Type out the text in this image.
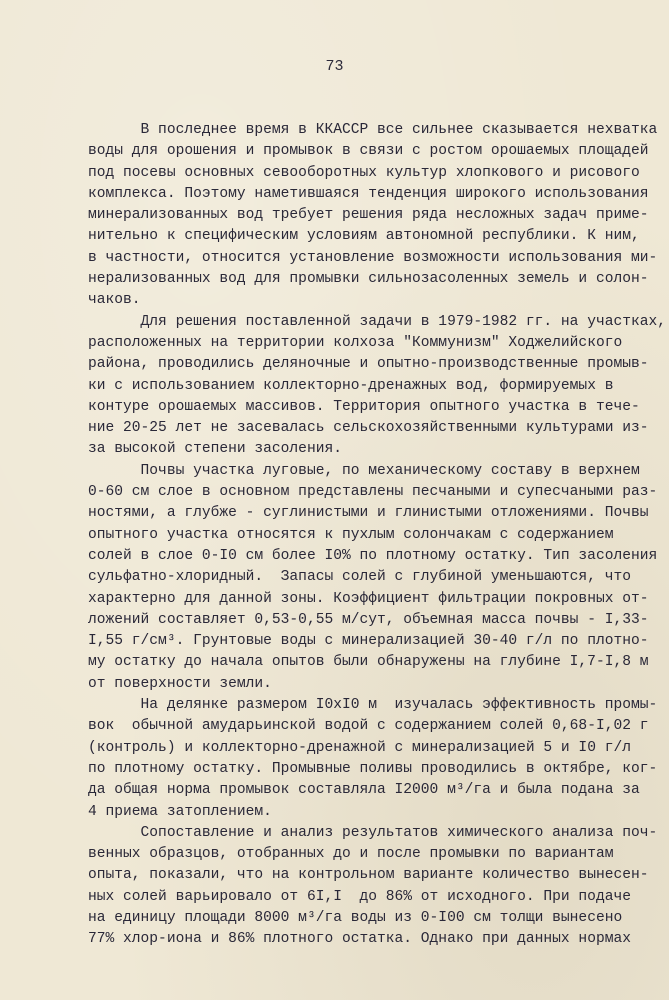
73
В последнее время в ККАССР все сильнее сказывается нехватка
воды для орошения и промывок в связи с ростом орошаемых площадей
под посевы основных севооборотных культур хлопкового и рисового
комплекса. Поэтому наметившаяся тенденция широкого использования
минерализованных вод требует решения ряда несложных задач приме-
нительно к специфическим условиям автономной республики. К ним,
в частности, относится установление возможности использования ми-
нерализованных вод для промывки сильнозасоленных земель и солон-
чаков.
Для решения поставленной задачи в 1979-1982 гг. на участках,
расположенных на территории колхоза "Коммунизм" Ходжелийского
района, проводились деляночные и опытно-производственные промыв-
ки с использованием коллекторно-дренажных вод, формируемых в
контуре орошаемых массивов. Территория опытного участка в тече-
ние 20-25 лет не засевалась сельскохозяйственными культурами из-
за высокой степени засоления.
Почвы участка луговые, по механическому составу в верхнем
0-60 см слое в основном представлены песчаными и супесчаными раз-
ностями, а глубже - суглинистыми и глинистыми отложениями. Почвы
опытного участка относятся к пухлым солончакам с содержанием
солей в слое 0-I0 см более I0% по плотному остатку. Тип засоления
сульфатно-хлоридный.  Запасы солей с глубиной уменьшаются, что
характерно для данной зоны. Коэффициент фильтрации покровных от-
ложений составляет 0,53-0,55 м/сут, объемная масса почвы - I,33-
I,55 г/см³. Грунтовые воды с минерализацией 30-40 г/л по плотно-
му остатку до начала опытов были обнаружены на глубине I,7-I,8 м
от поверхности земли.
На делянке размером I0xI0 м  изучалась эффективность промы-
вок  обычной амударьинской водой с содержанием солей 0,68-I,02 г
(контроль) и коллекторно-дренажной с минерализацией 5 и I0 г/л
по плотному остатку. Промывные поливы проводились в октябре, ког-
да общая норма промывок составляла I2000 м³/га и была подана за
4 приема затоплением.
Сопоставление и анализ результатов химического анализа поч-
венных образцов, отобранных до и после промывки по вариантам
опыта, показали, что на контрольном варианте количество вынесен-
ных солей варьировало от 6I,I  до 86% от исходного. При подаче
на единицу площади 8000 м³/га воды из 0-I00 см толщи вынесено
77% хлор-иона и 86% плотного остатка. Однако при данных нормах
